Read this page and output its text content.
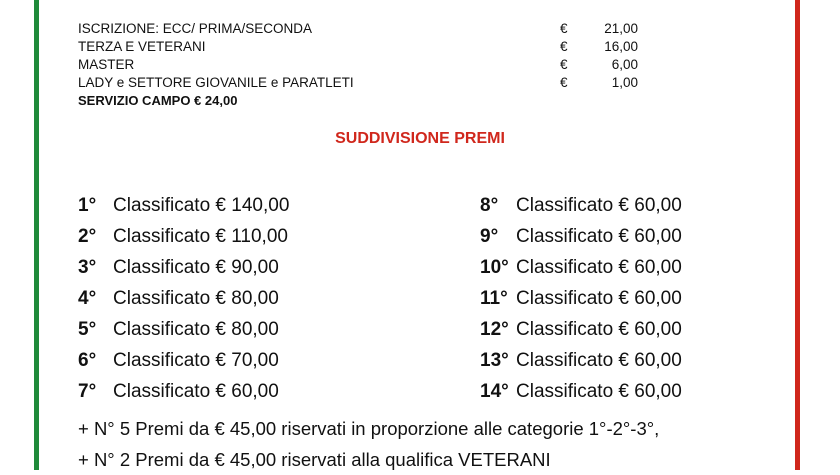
ISCRIZIONE: ECC/ PRIMA/SECONDA	€	21,00
TERZA E VETERANI	€	16,00
MASTER	€	6,00
LADY e SETTORE GIOVANILE e PARATLETI	€	1,00
SERVIZIO CAMPO € 24,00
SUDDIVISIONE PREMI
1° Classificato € 140,00
2° Classificato € 110,00
3° Classificato € 90,00
4° Classificato € 80,00
5° Classificato € 80,00
6° Classificato € 70,00
7° Classificato € 60,00
8° Classificato € 60,00
9° Classificato € 60,00
10° Classificato € 60,00
11° Classificato € 60,00
12° Classificato € 60,00
13° Classificato € 60,00
14° Classificato € 60,00
+ N° 5 Premi da € 45,00 riservati in proporzione alle categorie 1°-2°-3°,
+ N° 2 Premi da € 45,00 riservati alla qualifica VETERANI
